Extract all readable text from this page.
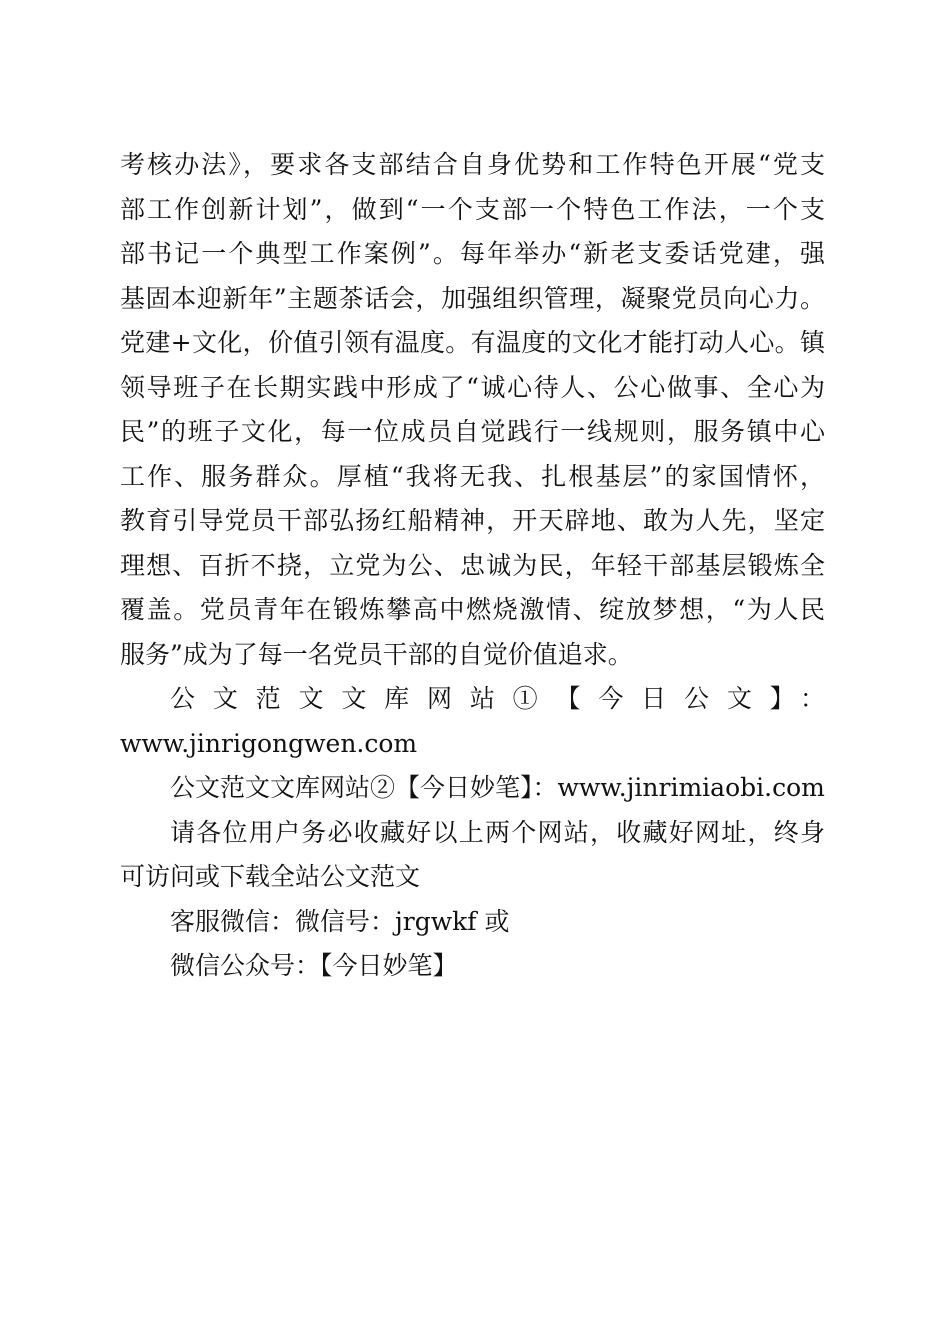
考核办法》，要求各支部结合自身优势和工作特色开展“党支
部工作创新计划”，做到“一个支部一个特色工作法，一个支
部书记一个典型工作案例”。每年举办“新老支委话党建，强
基固本迎新年”主题茶话会，加强组织管理，凝聚党员向心力。
党建+文化，价值引领有温度。有温度的文化才能打动人心。镇
领导班子在长期实践中形成了“诚心待人、公心做事、全心为
民”的班子文化，每一位成员自觉践行一线规则，服务镇中心
工作、服务群众。厚植“我将无我、扎根基层”的家国情怀，
教育引导党员干部弘扬红船精神，开天辟地、敢为人先，坚定
理想、百折不挠，立党为公、忠诚为民，年轻干部基层锻炼全
覆盖。党员青年在锻炼攀高中燃烧激情、绽放梦想，“为人民
服务”成为了每一名党员干部的自觉价值追求。
公文范文文库网站①【今日公文】：
www.jinrigongwen.com
公文范文文库网站②【今日妙笔】：www.jinrimiaobi.com
请各位用户务必收藏好以上两个网站，收藏好网址，终身
可访问或下载全站公文范文
客服微信：微信号：jrgwkf 或
微信公众号：【今日妙笔】
